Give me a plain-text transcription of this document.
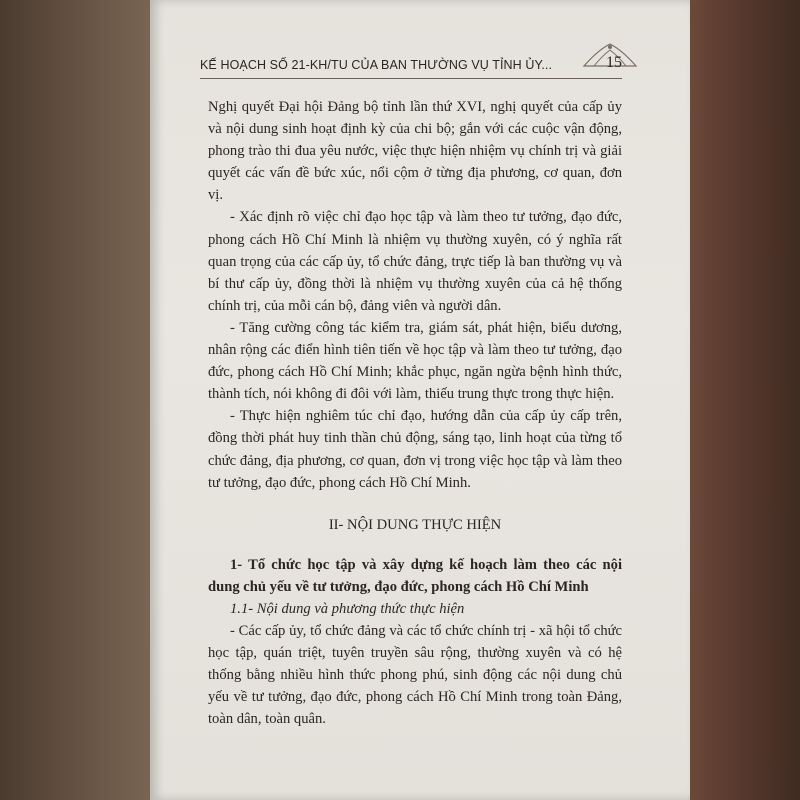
KẾ HOẠCH SỐ 21-KH/TU CỦA BAN THƯỜNG VỤ TỈNH ỦY...	15

Nghị quyết Đại hội Đảng bộ tỉnh lần thứ XVI, nghị quyết của cấp ủy và nội dung sinh hoạt định kỳ của chi bộ; gắn với các cuộc vận động, phong trào thi đua yêu nước, việc thực hiện nhiệm vụ chính trị và giải quyết các vấn đề bức xúc, nổi cộm ở từng địa phương, cơ quan, đơn vị.

- Xác định rõ việc chỉ đạo học tập và làm theo tư tưởng, đạo đức, phong cách Hồ Chí Minh là nhiệm vụ thường xuyên, có ý nghĩa rất quan trọng của các cấp ủy, tổ chức đảng, trực tiếp là ban thường vụ và bí thư cấp ủy, đồng thời là nhiệm vụ thường xuyên của cả hệ thống chính trị, của mỗi cán bộ, đảng viên và người dân.

- Tăng cường công tác kiểm tra, giám sát, phát hiện, biểu dương, nhân rộng các điển hình tiên tiến về học tập và làm theo tư tưởng, đạo đức, phong cách Hồ Chí Minh; khắc phục, ngăn ngừa bệnh hình thức, thành tích, nói không đi đôi với làm, thiếu trung thực trong thực hiện.

- Thực hiện nghiêm túc chỉ đạo, hướng dẫn của cấp ủy cấp trên, đồng thời phát huy tinh thần chủ động, sáng tạo, linh hoạt của từng tổ chức đảng, địa phương, cơ quan, đơn vị trong việc học tập và làm theo tư tưởng, đạo đức, phong cách Hồ Chí Minh.

II- NỘI DUNG THỰC HIỆN

1- Tổ chức học tập và xây dựng kế hoạch làm theo các nội dung chủ yếu về tư tưởng, đạo đức, phong cách Hồ Chí Minh

1.1- Nội dung và phương thức thực hiện

- Các cấp ủy, tổ chức đảng và các tổ chức chính trị - xã hội tổ chức học tập, quán triệt, tuyên truyền sâu rộng, thường xuyên và có hệ thống bằng nhiều hình thức phong phú, sinh động các nội dung chủ yếu về tư tưởng, đạo đức, phong cách Hồ Chí Minh trong toàn Đảng, toàn dân, toàn quân.
